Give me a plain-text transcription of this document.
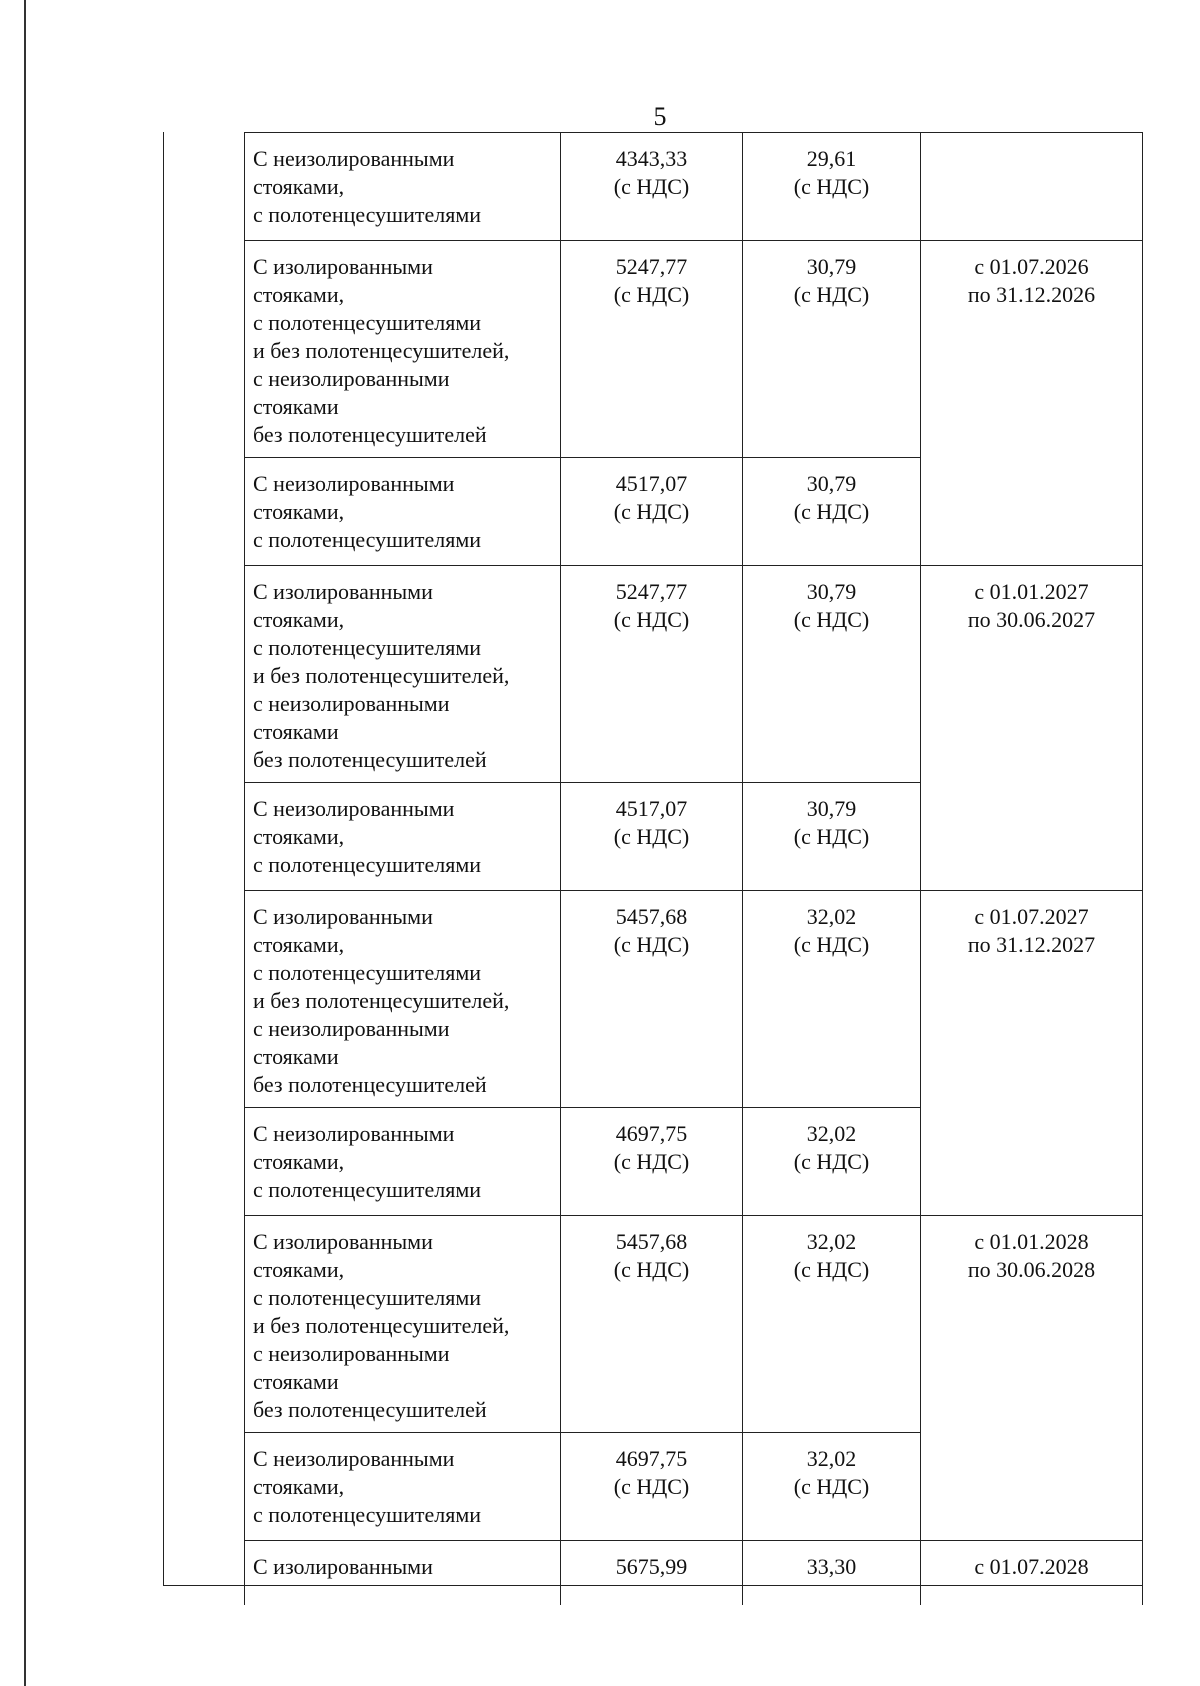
5
С неизолированными
стояками,
с полотенцесушителями
4343,33
(с НДС)
29,61
(с НДС)
С изолированными
стояками,
с полотенцесушителями
и без полотенцесушителей,
с неизолированными
стояками
без полотенцесушителей
5247,77
(с НДС)
30,79
(с НДС)
С неизолированными
стояками,
с полотенцесушителями
4517,07
(с НДС)
30,79
(с НДС)
С изолированными
стояками,
с полотенцесушителями
и без полотенцесушителей,
с неизолированными
стояками
без полотенцесушителей
5247,77
(с НДС)
30,79
(с НДС)
С неизолированными
стояками,
с полотенцесушителями
4517,07
(с НДС)
30,79
(с НДС)
С изолированными
стояками,
с полотенцесушителями
и без полотенцесушителей,
с неизолированными
стояками
без полотенцесушителей
5457,68
(с НДС)
32,02
(с НДС)
С неизолированными
стояками,
с полотенцесушителями
4697,75
(с НДС)
32,02
(с НДС)
С изолированными
стояками,
с полотенцесушителями
и без полотенцесушителей,
с неизолированными
стояками
без полотенцесушителей
5457,68
(с НДС)
32,02
(с НДС)
С неизолированными
стояками,
с полотенцесушителями
4697,75
(с НДС)
32,02
(с НДС)
С изолированными	5675,99	33,30
с 01.07.2026
по 31.12.2026
с 01.01.2027
по 30.06.2027
с 01.07.2027
по 31.12.2027
с 01.01.2028
по 30.06.2028
с 01.07.2028
